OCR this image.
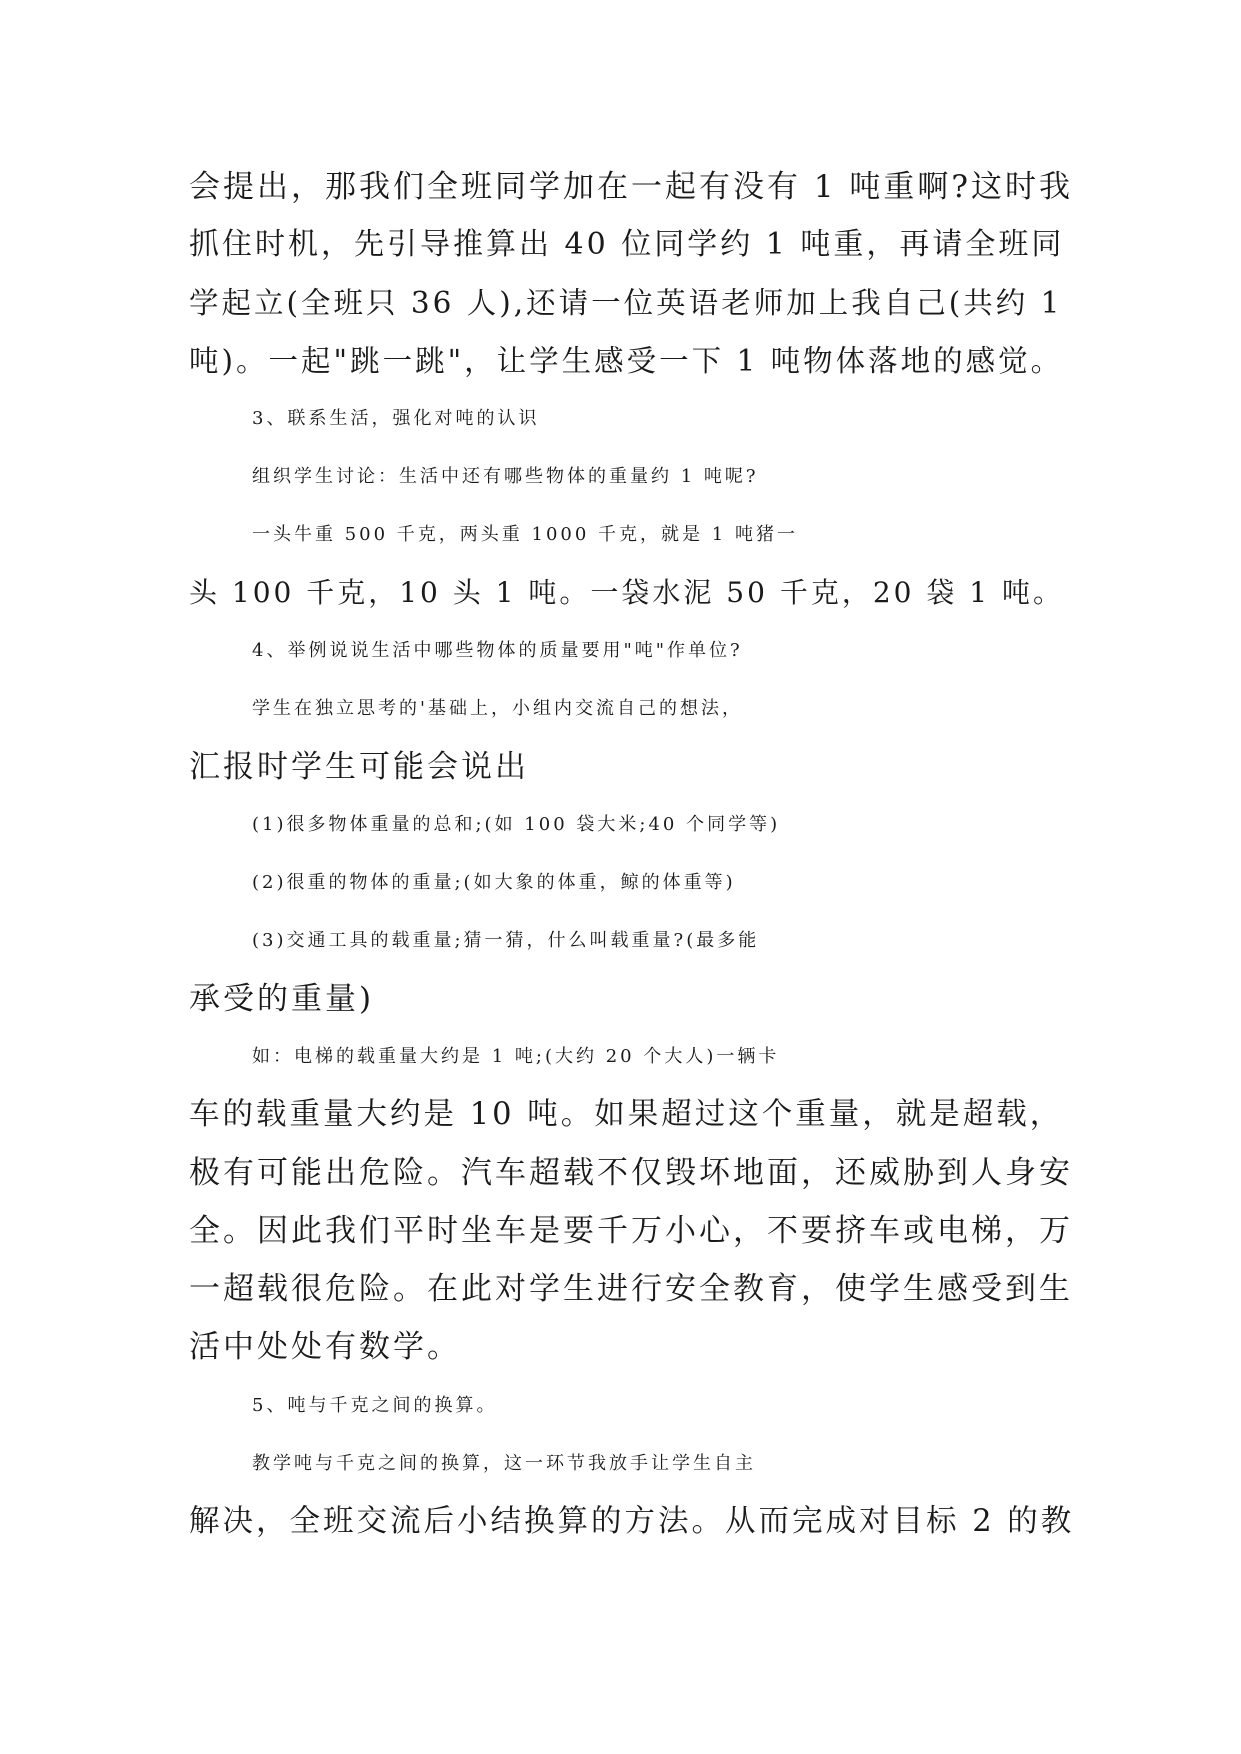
会提出，那我们全班同学加在一起有没有 1 吨重啊?这时我
抓住时机，先引导推算出 40 位同学约 1 吨重，再请全班同
学起立(全班只 36 人),还请一位英语老师加上我自己(共约 1
吨)。一起"跳一跳"，让学生感受一下 1 吨物体落地的感觉。
3、联系生活，强化对吨的认识
组织学生讨论：生活中还有哪些物体的重量约 1 吨呢?
一头牛重 500 千克，两头重 1000 千克，就是 1 吨猪一
头 100 千克，10 头 1 吨。一袋水泥 50 千克，20 袋 1 吨。
4、举例说说生活中哪些物体的质量要用"吨"作单位?
学生在独立思考的'基础上，小组内交流自己的想法，
汇报时学生可能会说出
(1)很多物体重量的总和;(如 100 袋大米;40 个同学等)
(2)很重的物体的重量;(如大象的体重，鲸的体重等)
(3)交通工具的载重量;猜一猜，什么叫载重量?(最多能
承受的重量)
如：电梯的载重量大约是 1 吨;(大约 20 个大人)一辆卡
车的载重量大约是 10 吨。如果超过这个重量，就是超载，
极有可能出危险。汽车超载不仅毁坏地面，还威胁到人身安
全。因此我们平时坐车是要千万小心，不要挤车或电梯，万
一超载很危险。在此对学生进行安全教育，使学生感受到生
活中处处有数学。
5、吨与千克之间的换算。
教学吨与千克之间的换算，这一环节我放手让学生自主
解决，全班交流后小结换算的方法。从而完成对目标 2 的教
